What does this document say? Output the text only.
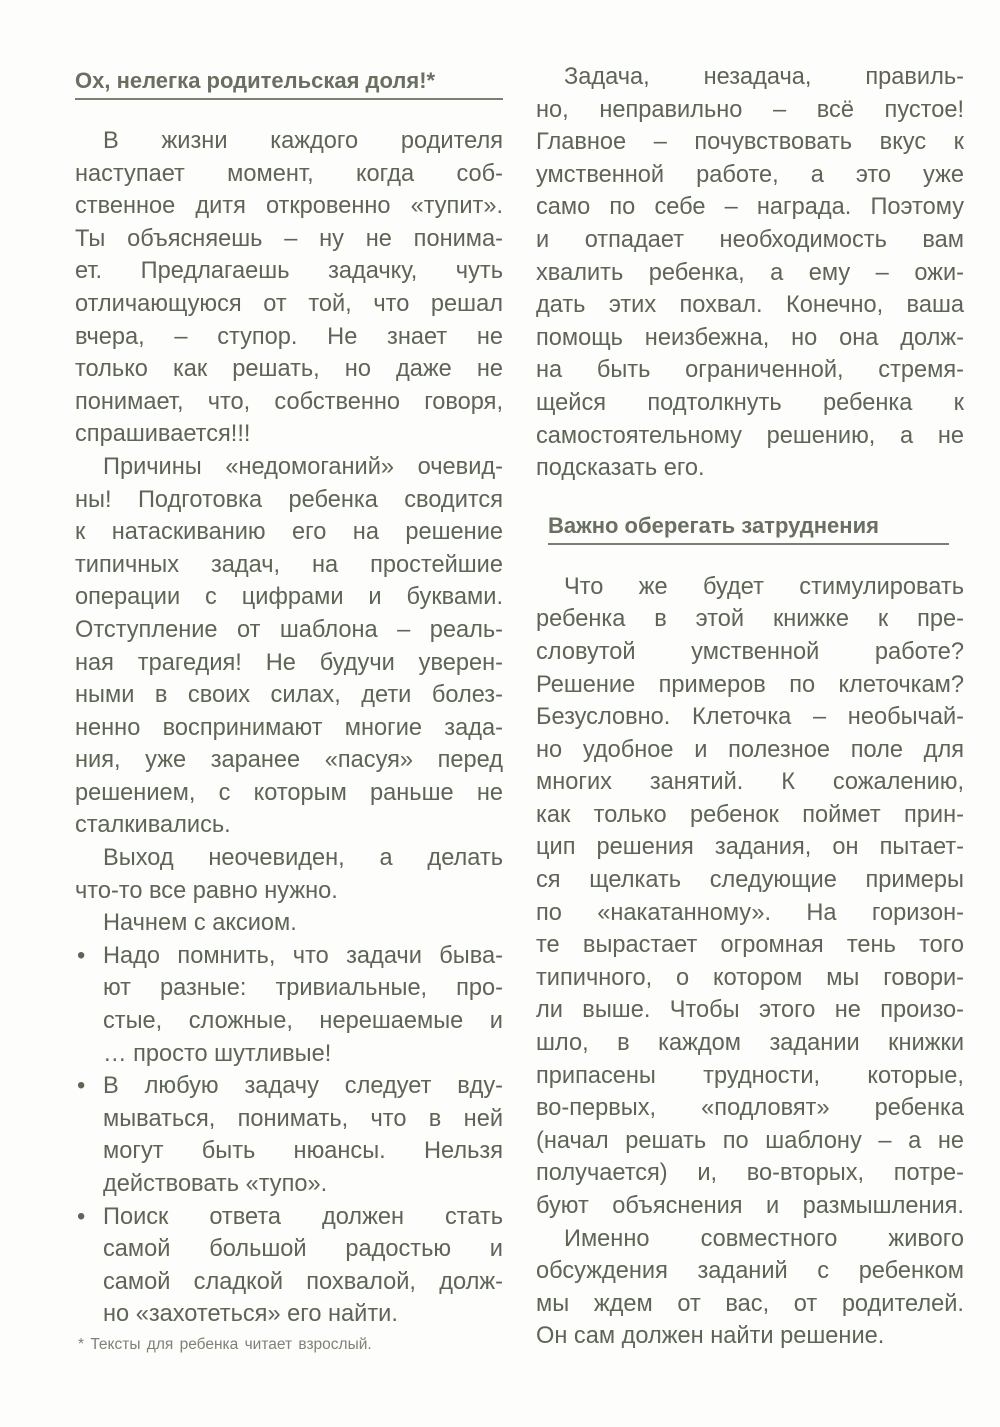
Ох, нелегка родительская доля!*
В жизни каждого родителя
наступает момент, когда соб-
ственное дитя откровенно «тупит».
Ты объясняешь – ну не понима-
ет. Предлагаешь задачку, чуть
отличающуюся от той, что решал
вчера, – ступор. Не знает не
только как решать, но даже не
понимает, что, собственно говоря,
спрашивается!!!
Причины «недомоганий» очевид-
ны! Подготовка ребенка сводится
к натаскиванию его на решение
типичных задач, на простейшие
операции с цифрами и буквами.
Отступление от шаблона – реаль-
ная трагедия! Не будучи уверен-
ными в своих силах, дети болез-
ненно воспринимают многие зада-
ния, уже заранее «пасуя» перед
решением, с которым раньше не
сталкивались.
Выход неочевиден, а делать
что-то все равно нужно.
Начнем с аксиом.
• Надо помнить, что задачи быва-
ют разные: тривиальные, про-
стые, сложные, нерешаемые и
… просто шутливые!
• В любую задачу следует вду-
мываться, понимать, что в ней
могут быть нюансы. Нельзя
действовать «тупо».
• Поиск ответа должен стать
самой большой радостью и
самой сладкой похвалой, долж-
но «захотеться» его найти.
Задача, незадача, правиль-
но, неправильно – всё пустое!
Главное – почувствовать вкус к
умственной работе, а это уже
само по себе – награда. Поэтому
и отпадает необходимость вам
хвалить ребенка, а ему – ожи-
дать этих похвал. Конечно, ваша
помощь неизбежна, но она долж-
на быть ограниченной, стремя-
щейся подтолкнуть ребенка к
самостоятельному решению, а не
подсказать его.
Важно оберегать затруднения
Что же будет стимулировать
ребенка в этой книжке к пре-
словутой умственной работе?
Решение примеров по клеточкам?
Безусловно. Клеточка – необычай-
но удобное и полезное поле для
многих занятий. К сожалению,
как только ребенок поймет прин-
цип решения задания, он пытает-
ся щелкать следующие примеры
по «накатанному». На горизон-
те вырастает огромная тень того
типичного, о котором мы говори-
ли выше. Чтобы этого не произо-
шло, в каждом задании книжки
припасены трудности, которые,
во-первых, «подловят» ребенка
(начал решать по шаблону – а не
получается) и, во-вторых, потре-
буют объяснения и размышления.
Именно совместного живого
обсуждения заданий с ребенком
мы ждем от вас, от родителей.
Он сам должен найти решение.
* Тексты для ребенка читает взрослый.
